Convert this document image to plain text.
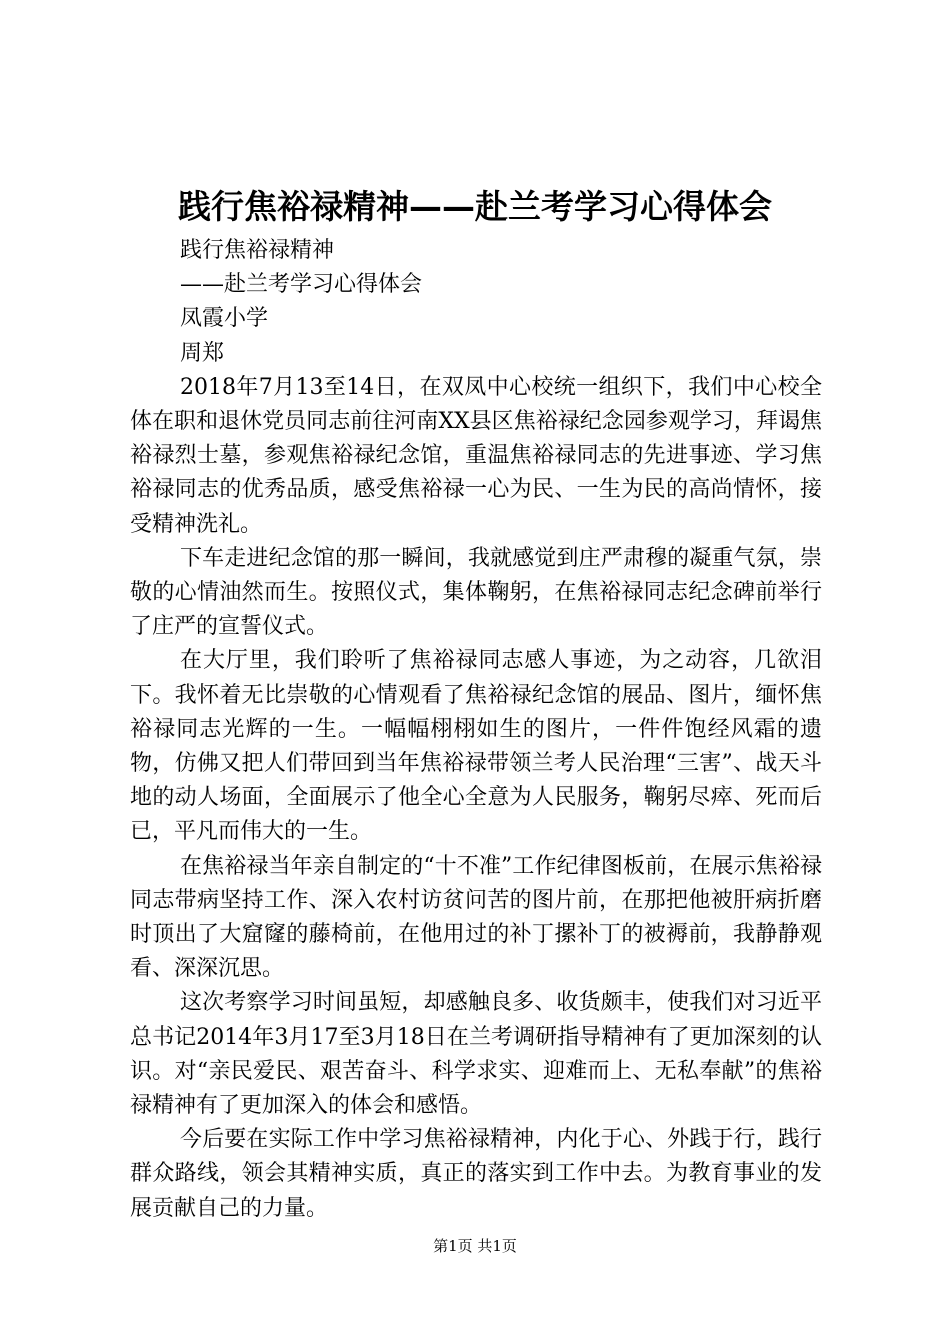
践行焦裕禄精神——赴兰考学习心得体会

践行焦裕禄精神

——赴兰考学习心得体会

凤霞小学

周郑

2018年7月13至14日，在双凤中心校统一组织下，我们中心校全体在职和退休党员同志前往河南XX县区焦裕禄纪念园参观学习，拜谒焦裕禄烈士墓，参观焦裕禄纪念馆，重温焦裕禄同志的先进事迹、学习焦裕禄同志的优秀品质，感受焦裕禄一心为民、一生为民的高尚情怀，接受精神洗礼。

下车走进纪念馆的那一瞬间，我就感觉到庄严肃穆的凝重气氛，崇敬的心情油然而生。按照仪式，集体鞠躬，在焦裕禄同志纪念碑前举行了庄严的宣誓仪式。

在大厅里，我们聆听了焦裕禄同志感人事迹，为之动容，几欲泪下。我怀着无比崇敬的心情观看了焦裕禄纪念馆的展品、图片，缅怀焦裕禄同志光辉的一生。一幅幅栩栩如生的图片，一件件饱经风霜的遗物，仿佛又把人们带回到当年焦裕禄带领兰考人民治理“三害”、战天斗地的动人场面，全面展示了他全心全意为人民服务，鞠躬尽瘁、死而后已，平凡而伟大的一生。

在焦裕禄当年亲自制定的“十不准”工作纪律图板前，在展示焦裕禄同志带病坚持工作、深入农村访贫问苦的图片前，在那把他被肝病折磨时顶出了大窟窿的藤椅前，在他用过的补丁摞补丁的被褥前，我静静观看、深深沉思。

这次考察学习时间虽短，却感触良多、收货颇丰，使我们对习近平总书记2014年3月17至3月18日在兰考调研指导精神有了更加深刻的认识。对“亲民爱民、艰苦奋斗、科学求实、迎难而上、无私奉献”的焦裕禄精神有了更加深入的体会和感悟。

今后要在实际工作中学习焦裕禄精神，内化于心、外践于行，践行群众路线，领会其精神实质，真正的落实到工作中去。为教育事业的发展贡献自己的力量。

第1页 共1页
